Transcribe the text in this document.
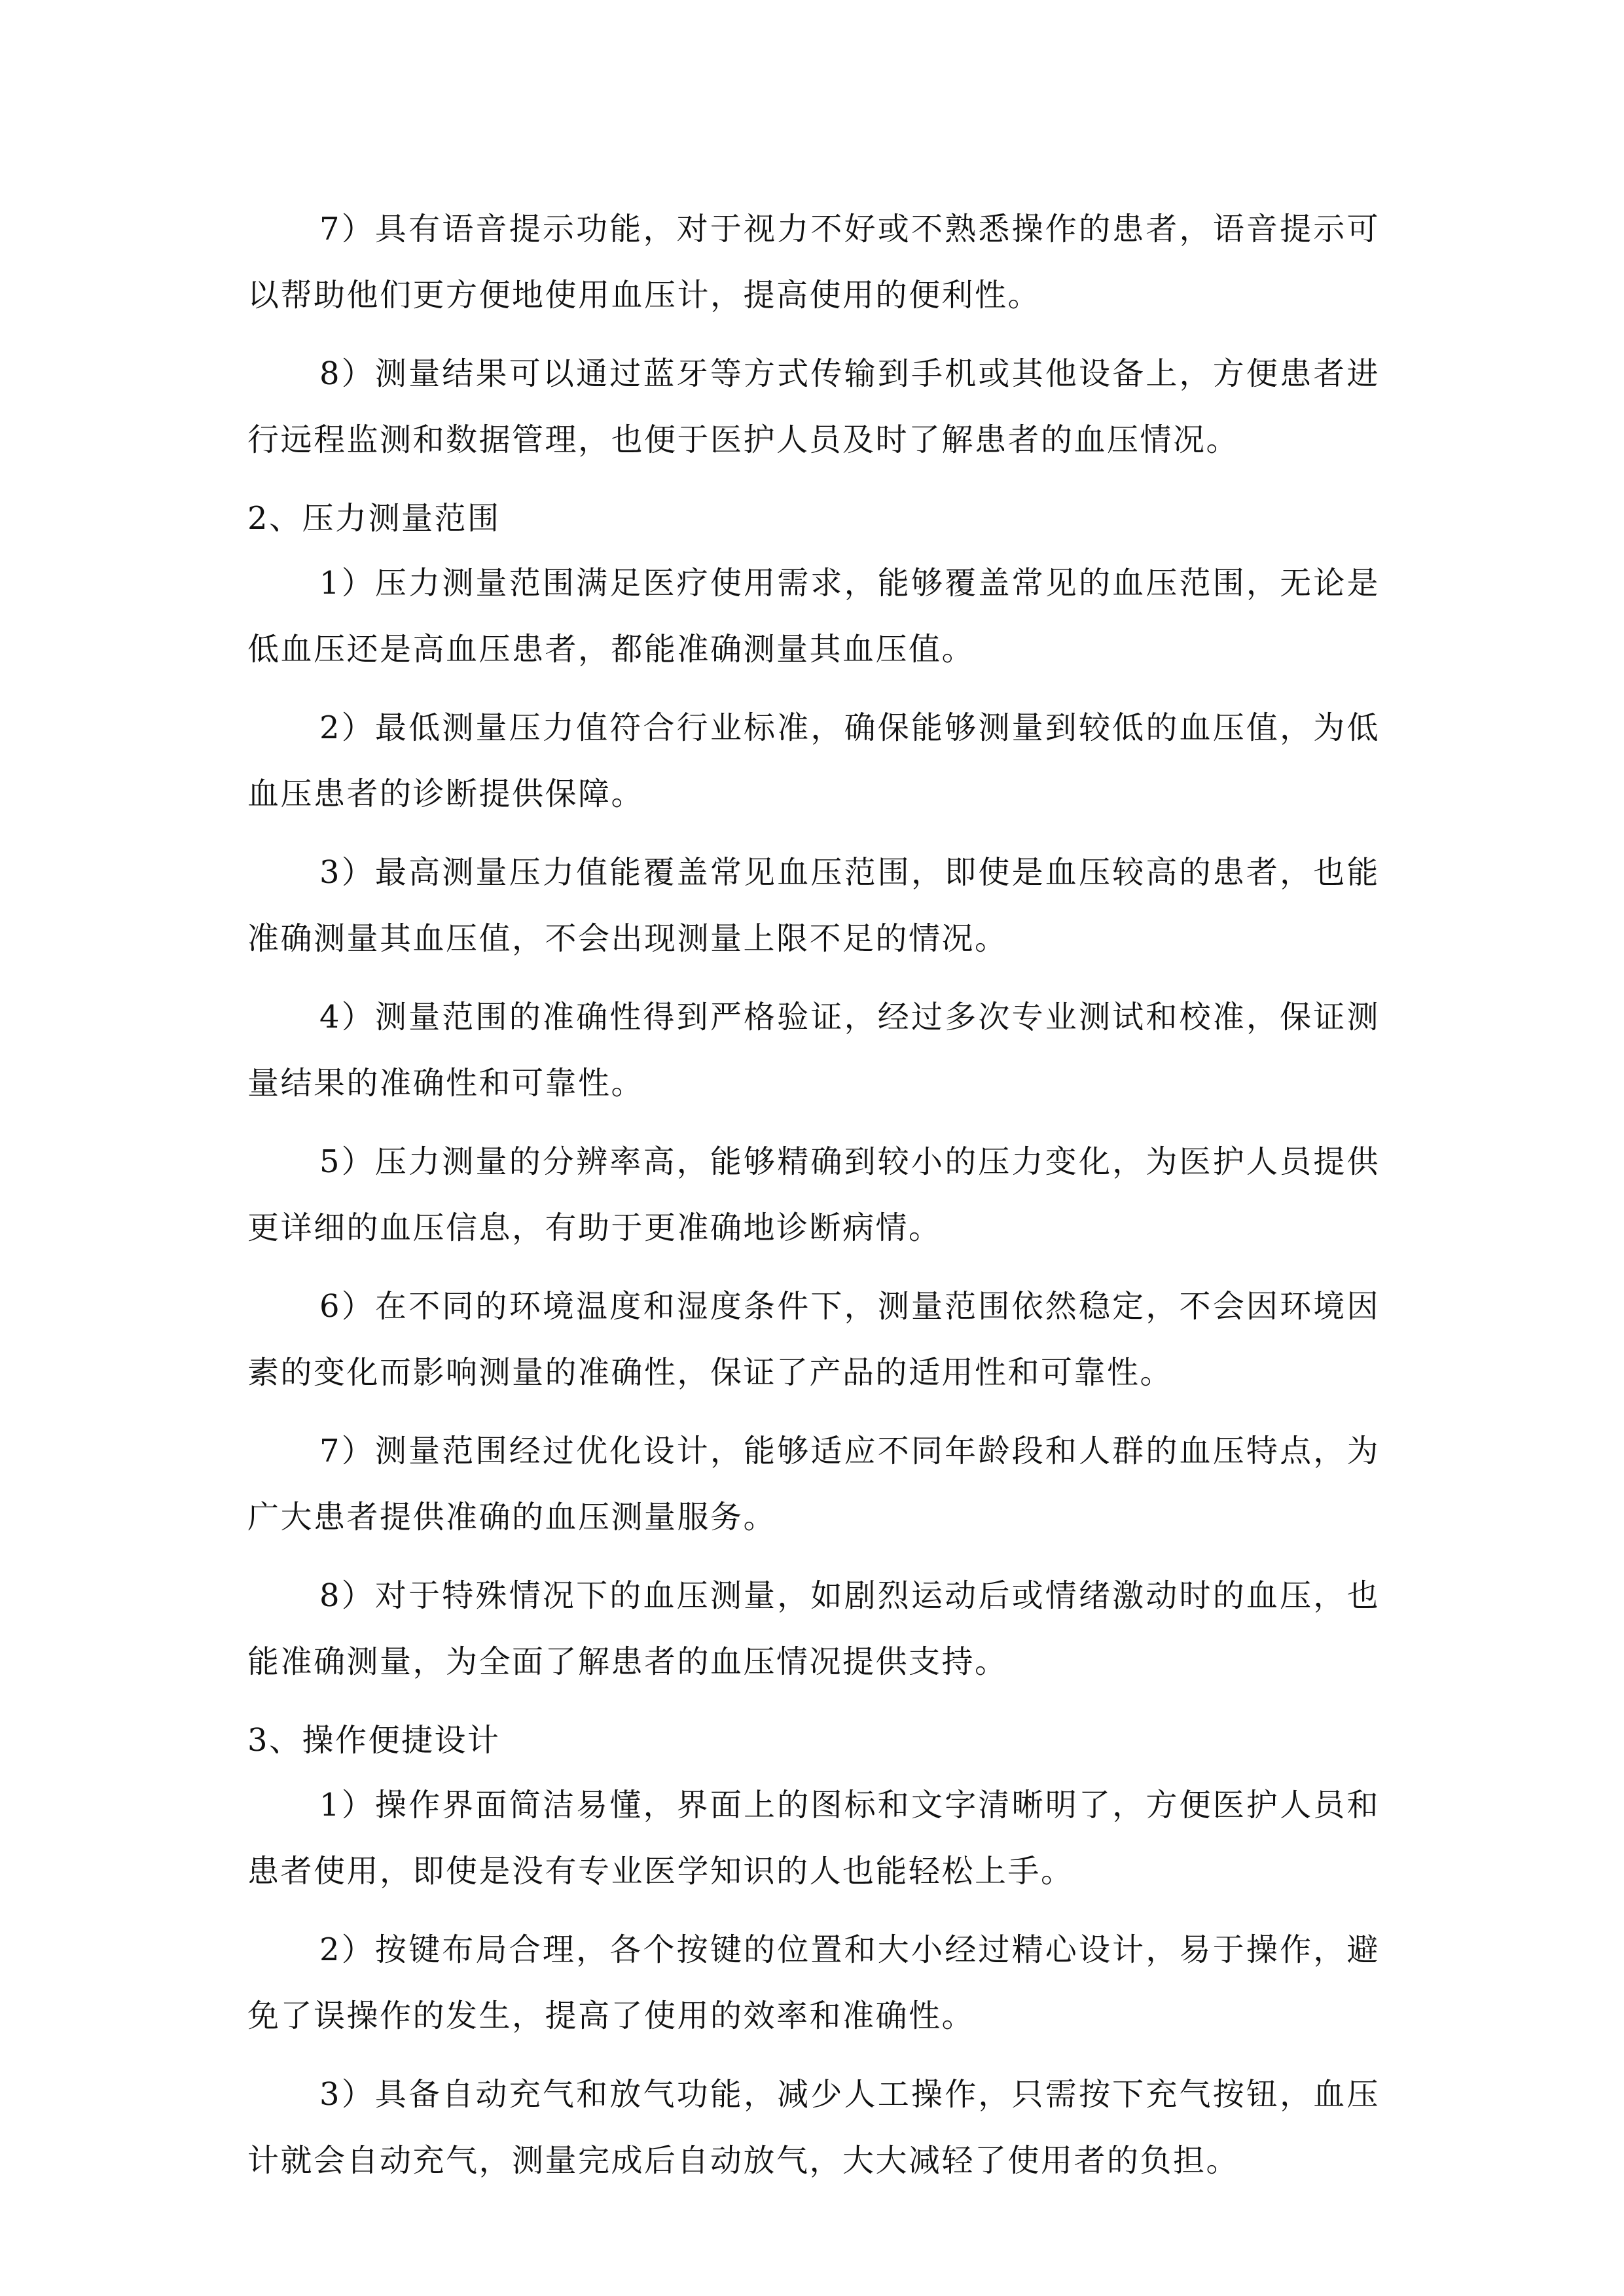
7）具有语音提示功能，对于视力不好或不熟悉操作的患者，语音提示可以帮助他们更方便地使用血压计，提高使用的便利性。

8）测量结果可以通过蓝牙等方式传输到手机或其他设备上，方便患者进行远程监测和数据管理，也便于医护人员及时了解患者的血压情况。

2、压力测量范围

1）压力测量范围满足医疗使用需求，能够覆盖常见的血压范围，无论是低血压还是高血压患者，都能准确测量其血压值。

2）最低测量压力值符合行业标准，确保能够测量到较低的血压值，为低血压患者的诊断提供保障。

3）最高测量压力值能覆盖常见血压范围，即使是血压较高的患者，也能准确测量其血压值，不会出现测量上限不足的情况。

4）测量范围的准确性得到严格验证，经过多次专业测试和校准，保证测量结果的准确性和可靠性。

5）压力测量的分辨率高，能够精确到较小的压力变化，为医护人员提供更详细的血压信息，有助于更准确地诊断病情。

6）在不同的环境温度和湿度条件下，测量范围依然稳定，不会因环境因素的变化而影响测量的准确性，保证了产品的适用性和可靠性。

7）测量范围经过优化设计，能够适应不同年龄段和人群的血压特点，为广大患者提供准确的血压测量服务。

8）对于特殊情况下的血压测量，如剧烈运动后或情绪激动时的血压，也能准确测量，为全面了解患者的血压情况提供支持。

3、操作便捷设计

1）操作界面简洁易懂，界面上的图标和文字清晰明了，方便医护人员和患者使用，即使是没有专业医学知识的人也能轻松上手。

2）按键布局合理，各个按键的位置和大小经过精心设计，易于操作，避免了误操作的发生，提高了使用的效率和准确性。

3）具备自动充气和放气功能，减少人工操作，只需按下充气按钮，血压计就会自动充气，测量完成后自动放气，大大减轻了使用者的负担。
